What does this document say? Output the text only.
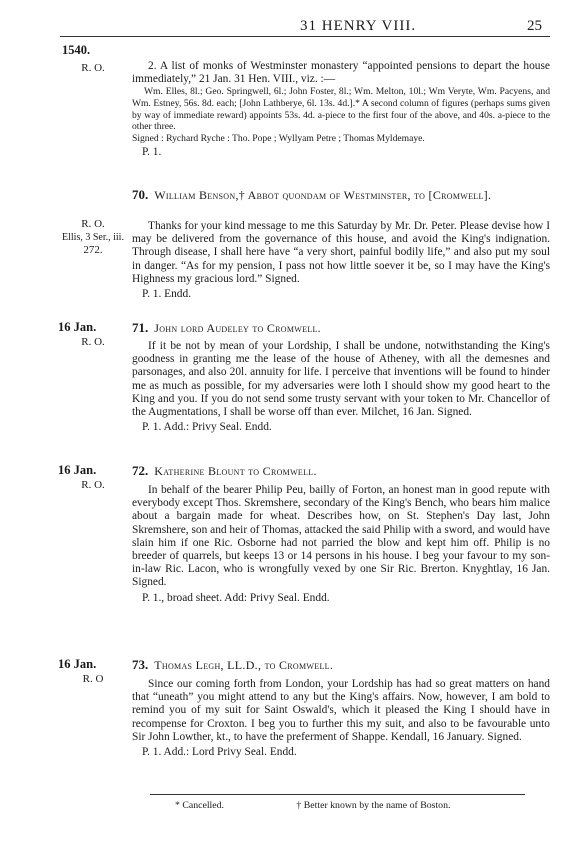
31 HENRY VIII.	25
1540.
R. O.	2. A list of monks of Westminster monastery “appointed pensions to depart the house immediately,” 21 Jan. 31 Hen. VIII., viz. :—

Wm. Elles, 8l.; Geo. Springwell, 6l.; John Foster, 8l.; Wm. Melton, 10l.; Wm Veryte, Wm. Pacyens, and Wm. Estney, 56s. 8d. each; [John Lathberye, 6l. 13s. 4d.].* A second column of figures (perhaps sums given by way of immediate reward) appoints 53s. 4d. a-piece to the first four of the above, and 40s. a-piece to the other three.

Signed : Rychard Ryche : Tho. Pope ; Wyllyam Petre ; Thomas Myldemaye.

P. 1.

70. William Benson,† Abbot quondam of Westminster, to [Cromwell].
R. O.
Ellis, 3 Ser., iii.
272.

Thanks for your kind message to me this Saturday by Mr. Dr. Peter. Please devise how I may be delivered from the governance of this house, and avoid the King's indignation. Through disease, I shall here have “a very short, painful bodily life,” and also put my soul in danger. “As for my pension, I pass not how little soever it be, so I may have the King's Highness my gracious lord.” Signed.

P. 1. Endd.

16 Jan.
R. O.
71. John lord Audeley to Cromwell.

If it be not by mean of your Lordship, I shall be undone, notwithstanding the King's goodness in granting me the lease of the house of Atheney, with all the demesnes and parsonages, and also 20l. annuity for life. I perceive that inventions will be found to hinder me as much as possible, for my adversaries were loth I should show my good heart to the King and you. If you do not send some trusty servant with your token to Mr. Chancellor of the Augmentations, I shall be worse off than ever. Milchet, 16 Jan. Signed.

P. 1. Add.: Privy Seal. Endd.

16 Jan.
R. O.
72. Katherine Blount to Cromwell.

In behalf of the bearer Philip Peu, bailly of Forton, an honest man in good repute with everybody except Thos. Skremshere, secondary of the King's Bench, who bears him malice about a bargain made for wheat. Describes how, on St. Stephen's Day last, John Skremshere, son and heir of Thomas, attacked the said Philip with a sword, and would have slain him if one Ric. Osborne had not parried the blow and kept him off. Philip is no breeder of quarrels, but keeps 13 or 14 persons in his house. I beg your favour to my son-in-law Ric. Lacon, who is wrongfully vexed by one Sir Ric. Brerton. Knyghtlay, 16 Jan. Signed.

P. 1., broad sheet. Add: Privy Seal. Endd.

16 Jan.
R. O
73. Thomas Legh, LL.D., to Cromwell.

Since our coming forth from London, your Lordship has had so great matters on hand that “uneath” you might attend to any but the King's affairs. Now, however, I am bold to remind you of my suit for Saint Oswald's, which it pleased the King I should have in recompense for Croxton. I beg you to further this my suit, and also to be favourable unto Sir John Lowther, kt., to have the preferment of Shappe. Kendall, 16 January. Signed.

P. 1. Add.: Lord Privy Seal. Endd.

* Cancelled.	† Better known by the name of Boston.
